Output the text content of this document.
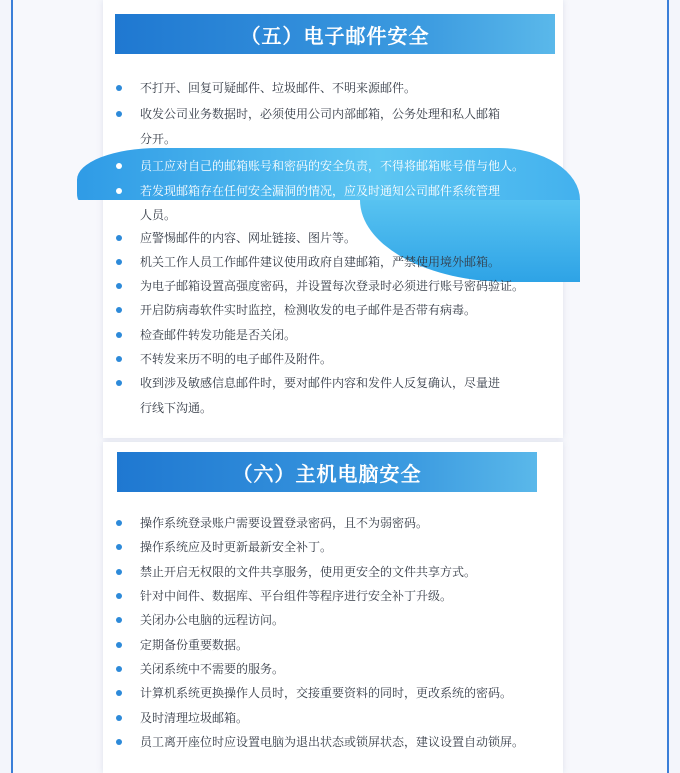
（五）电子邮件安全
不打开、回复可疑邮件、垃圾邮件、不明来源邮件。
收发公司业务数据时，必须使用公司内部邮箱，公务处理和私人邮箱
分开。
员工应对自己的邮箱账号和密码的安全负责，不得将邮箱账号借与他人。
若发现邮箱存在任何安全漏洞的情况，应及时通知公司邮件系统管理
人员。
应警惕邮件的内容、网址链接、图片等。
机关工作人员工作邮件建议使用政府自建邮箱，严禁使用境外邮箱。
为电子邮箱设置高强度密码，并设置每次登录时必须进行账号密码验证。
开启防病毒软件实时监控，检测收发的电子邮件是否带有病毒。
检查邮件转发功能是否关闭。
不转发来历不明的电子邮件及附件。
收到涉及敏感信息邮件时，要对邮件内容和发件人反复确认，尽量进
行线下沟通。
（六）主机电脑安全
操作系统登录账户需要设置登录密码，且不为弱密码。
操作系统应及时更新最新安全补丁。
禁止开启无权限的文件共享服务，使用更安全的文件共享方式。
针对中间件、数据库、平台组件等程序进行安全补丁升级。
关闭办公电脑的远程访问。
定期备份重要数据。
关闭系统中不需要的服务。
计算机系统更换操作人员时，交接重要资料的同时，更改系统的密码。
及时清理垃圾邮箱。
员工离开座位时应设置电脑为退出状态或锁屏状态，建议设置自动锁屏。
